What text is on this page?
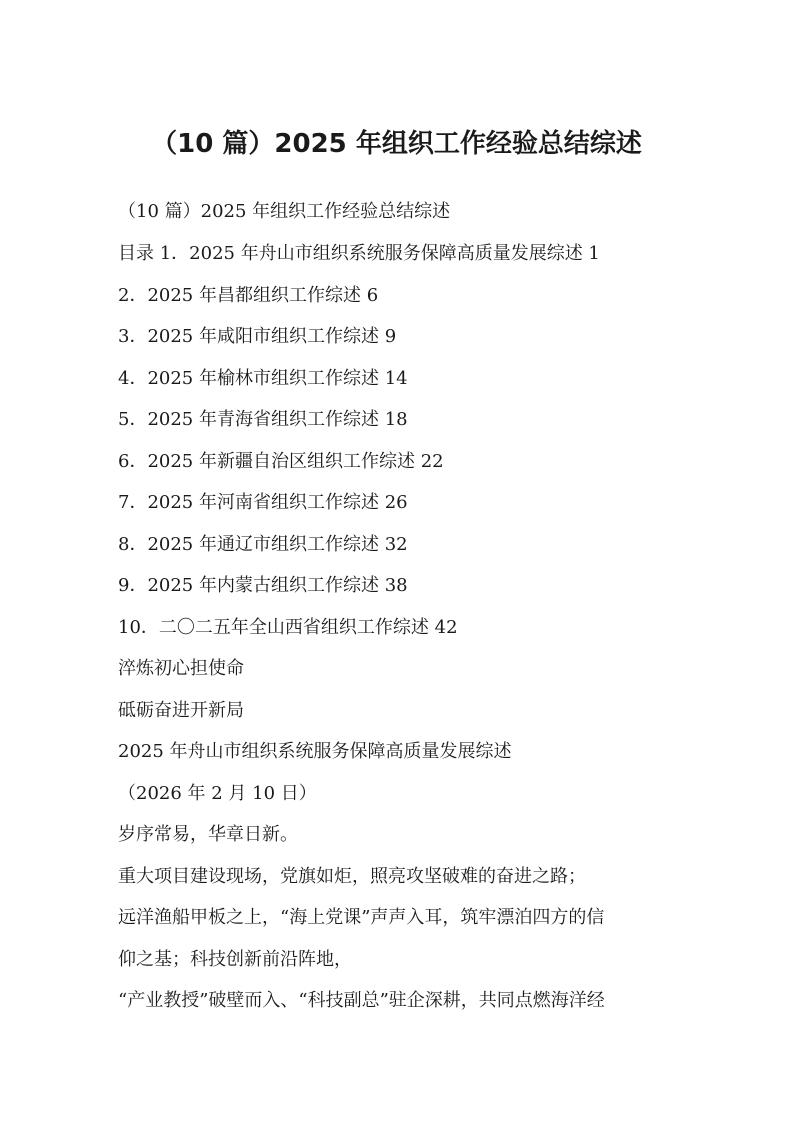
（10 篇）2025 年组织工作经验总结综述
（10 篇）2025 年组织工作经验总结综述
目录 1．2025 年舟山市组织系统服务保障高质量发展综述 1
2．2025 年昌都组织工作综述 6
3．2025 年咸阳市组织工作综述 9
4．2025 年榆林市组织工作综述 14
5．2025 年青海省组织工作综述 18
6．2025 年新疆自治区组织工作综述 22
7．2025 年河南省组织工作综述 26
8．2025 年通辽市组织工作综述 32
9．2025 年内蒙古组织工作综述 38
10．二〇二五年全山西省组织工作综述 42
淬炼初心担使命
砥砺奋进开新局
2025 年舟山市组织系统服务保障高质量发展综述
（2026 年 2 月 10 日）
岁序常易，华章日新。
重大项目建设现场，党旗如炬，照亮攻坚破难的奋进之路；
远洋渔船甲板之上，“海上党课”声声入耳，筑牢漂泊四方的信
仰之基；科技创新前沿阵地，
“产业教授”破壁而入、“科技副总”驻企深耕，共同点燃海洋经
